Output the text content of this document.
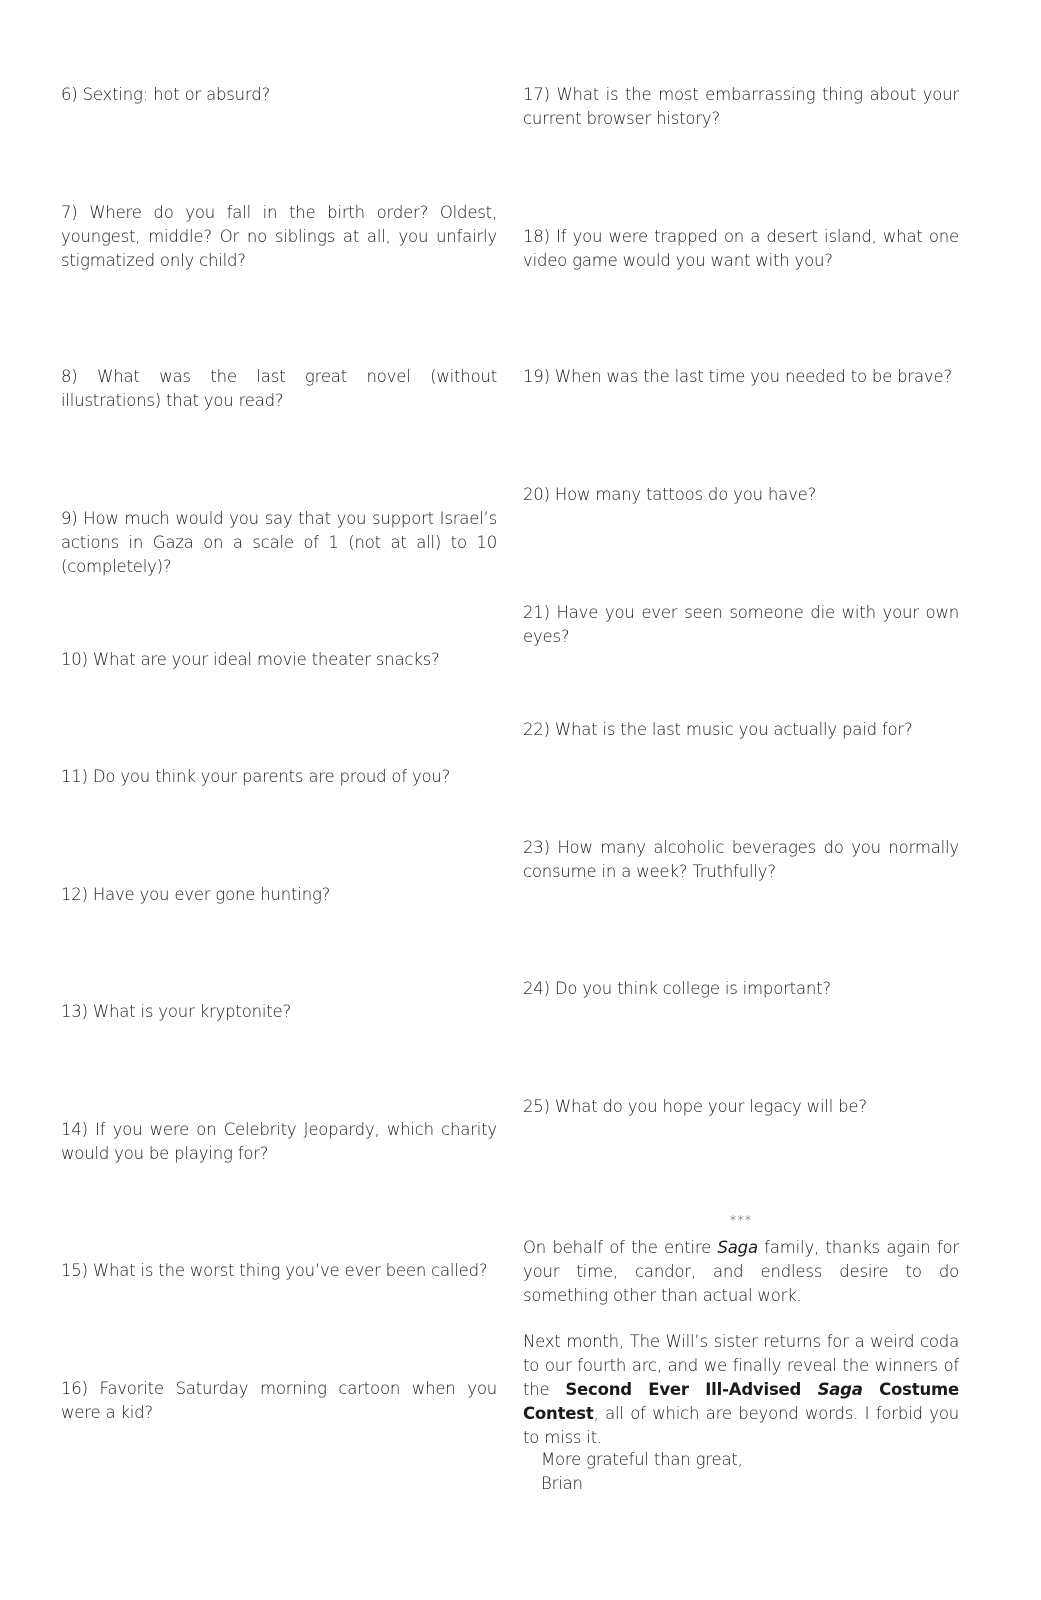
6) Sexting: hot or absurd?

7) Where do you fall in the birth order? Oldest, youngest, middle? Or no siblings at all, you unfairly stigmatized only child?

8) What was the last great novel (without illustrations) that you read?

9) How much would you say that you support Israel’s actions in Gaza on a scale of 1 (not at all) to 10 (completely)?

10) What are your ideal movie theater snacks?

11) Do you think your parents are proud of you?

12) Have you ever gone hunting?

13) What is your kryptonite?

14) If you were on Celebrity Jeopardy, which charity would you be playing for?

15) What is the worst thing you’ve ever been called?

16) Favorite Saturday morning cartoon when you were a kid?

17) What is the most embarrassing thing about your current browser history?

18) If you were trapped on a desert island, what one video game would you want with you?

19) When was the last time you needed to be brave?

20) How many tattoos do you have?

21) Have you ever seen someone die with your own eyes?

22) What is the last music you actually paid for?

23) How many alcoholic beverages do you normally consume in a week? Truthfully?

24) Do you think college is important?

25) What do you hope your legacy will be?

***

On behalf of the entire Saga family, thanks again for your time, candor, and endless desire to do something other than actual work.

Next month, The Will’s sister returns for a weird coda to our fourth arc, and we finally reveal the winners of the Second Ever Ill-Advised Saga Costume Contest, all of which are beyond words. I forbid you to miss it.

More grateful than great,

Brian
